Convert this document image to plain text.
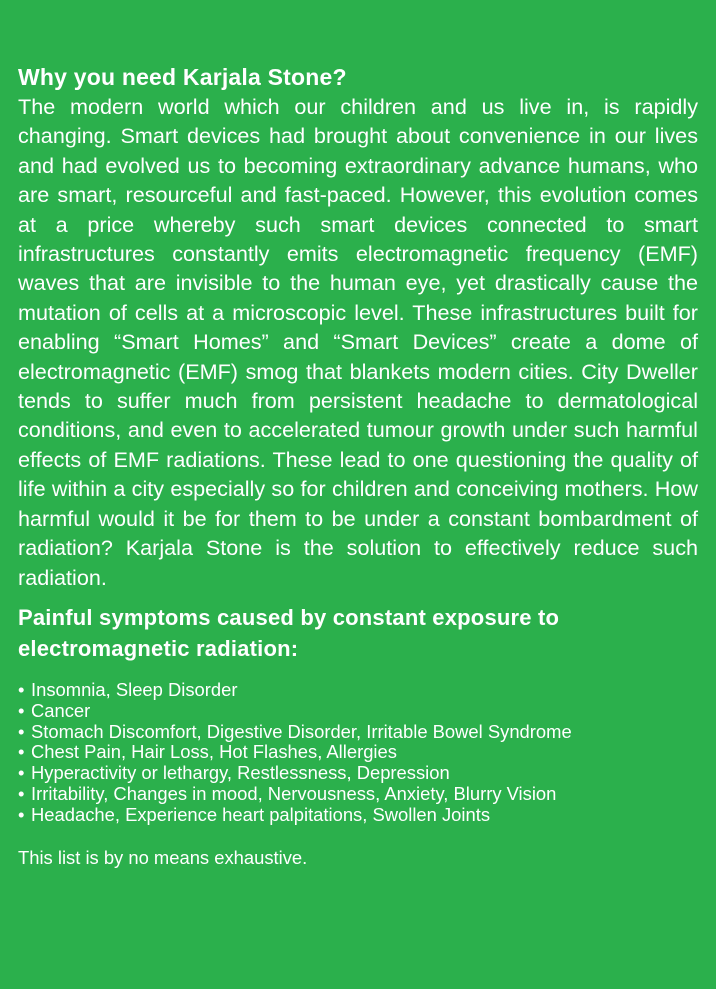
Why you need Karjala Stone?

The modern world which our children and us live in, is rapidly changing. Smart devices had brought about convenience in our lives and had evolved us to becoming extraordinary advance humans, who are smart, resourceful and fast-paced. However, this evolution comes at a price whereby such smart devices connected to smart infrastructures constantly emits electromagnetic frequency (EMF) waves that are invisible to the human eye, yet drastically cause the mutation of cells at a microscopic level. These infrastructures built for enabling “Smart Homes” and “Smart Devices” create a dome of electromagnetic (EMF) smog that blankets modern cities. City Dweller tends to suffer much from persistent headache to dermatological conditions, and even to accelerated tumour growth under such harmful effects of EMF radiations. These lead to one questioning the quality of life within a city especially so for children and conceiving mothers. How harmful would it be for them to be under a constant bombardment of radiation? Karjala Stone is the solution to effectively reduce such radiation.

Painful symptoms caused by constant exposure to electromagnetic radiation:
• Insomnia, Sleep Disorder
• Cancer
• Stomach Discomfort, Digestive Disorder, Irritable Bowel Syndrome
• Chest Pain, Hair Loss, Hot Flashes, Allergies
• Hyperactivity or lethargy, Restlessness, Depression
• Irritability, Changes in mood, Nervousness, Anxiety, Blurry Vision
• Headache, Experience heart palpitations, Swollen Joints

This list is by no means exhaustive.
